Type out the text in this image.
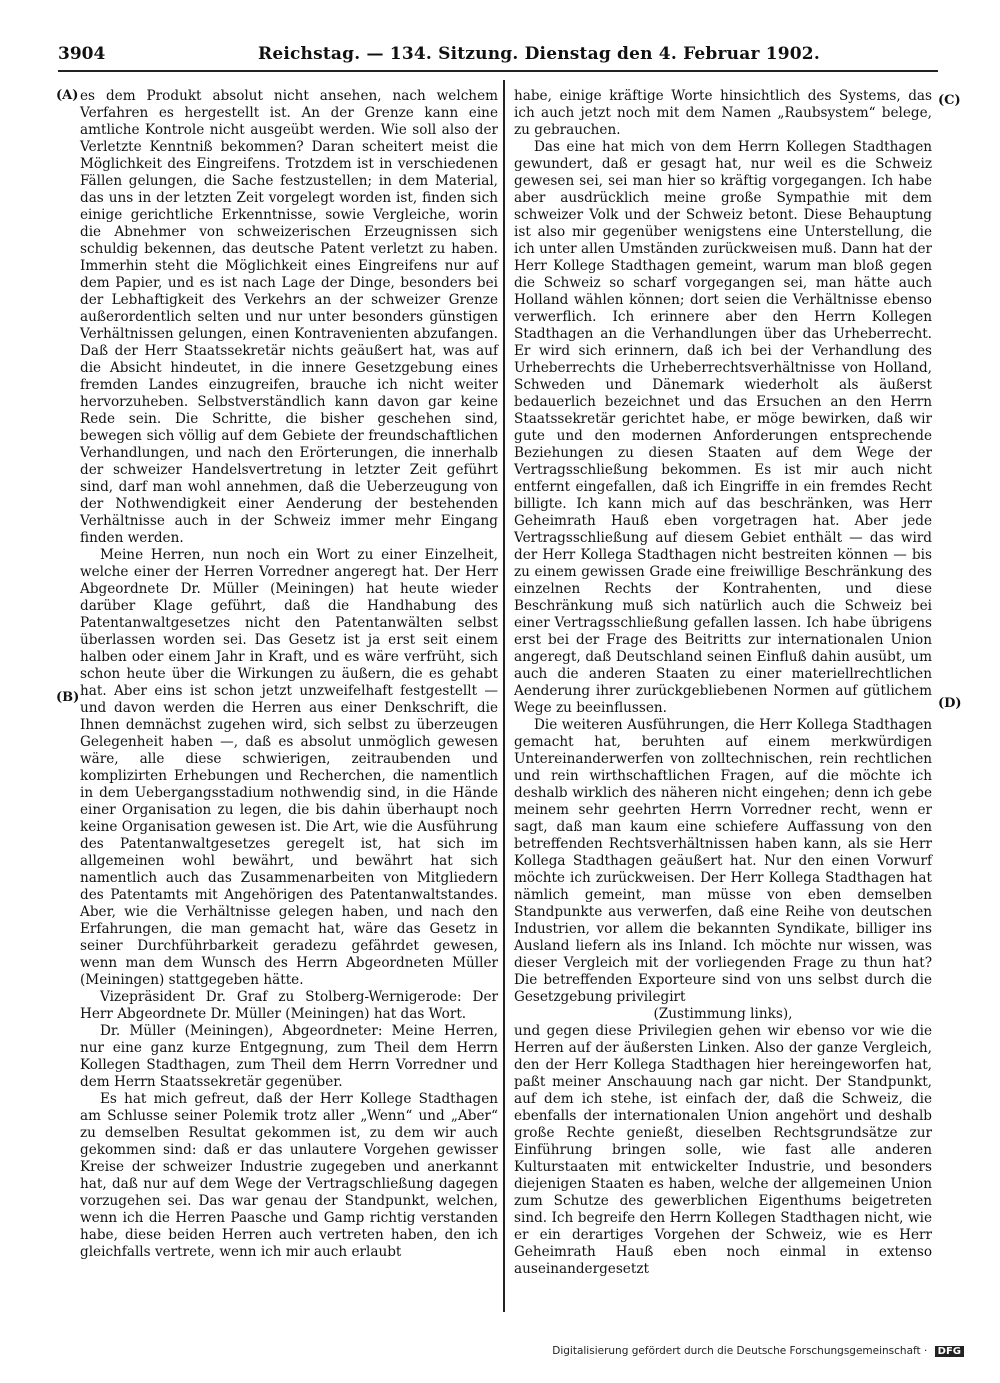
3904	Reichstag. — 134. Sitzung. Dienstag den 4. Februar 1902.
(A)
(B)
(C)
(D)

es dem Produkt absolut nicht ansehen, nach welchem Verfahren es hergestellt ist. An der Grenze kann eine amtliche Kontrole nicht ausgeübt werden. Wie soll also der Verletzte Kenntniß bekommen? Daran scheitert meist die Möglichkeit des Eingreifens. Trotzdem ist in verschiedenen Fällen gelungen, die Sache festzustellen; in dem Material, das uns in der letzten Zeit vorgelegt worden ist, finden sich einige gerichtliche Erkenntnisse, sowie Vergleiche, worin die Abnehmer von schweizerischen Erzeugnissen sich schuldig bekennen, das deutsche Patent verletzt zu haben. Immerhin steht die Möglichkeit eines Eingreifens nur auf dem Papier, und es ist nach Lage der Dinge, besonders bei der Lebhaftigkeit des Verkehrs an der schweizer Grenze außerordentlich selten und nur unter besonders günstigen Verhältnissen gelungen, einen Kontravenienten abzufangen. Daß der Herr Staatssekretär nichts geäußert hat, was auf die Absicht hindeutet, in die innere Gesetzgebung eines fremden Landes einzugreifen, brauche ich nicht weiter hervorzuheben. Selbstverständlich kann davon gar keine Rede sein. Die Schritte, die bisher geschehen sind, bewegen sich völlig auf dem Gebiete der freundschaftlichen Verhandlungen, und nach den Erörterungen, die innerhalb der schweizer Handelsvertretung in letzter Zeit geführt sind, darf man wohl annehmen, daß die Ueberzeugung von der Nothwendigkeit einer Aenderung der bestehenden Verhältnisse auch in der Schweiz immer mehr Eingang finden werden.

Meine Herren, nun noch ein Wort zu einer Einzelheit, welche einer der Herren Vorredner angeregt hat. Der Herr Abgeordnete Dr. Müller (Meiningen) hat heute wieder darüber Klage geführt, daß die Handhabung des Patentanwaltgesetzes nicht den Patentanwälten selbst überlassen worden sei. Das Gesetz ist ja erst seit einem halben oder einem Jahr in Kraft, und es wäre verfrüht, sich schon heute über die Wirkungen zu äußern, die es gehabt hat. Aber eins ist schon jetzt unzweifelhaft festgestellt — und davon werden die Herren aus einer Denkschrift, die Ihnen demnächst zugehen wird, sich selbst zu überzeugen Gelegenheit haben —, daß es absolut unmöglich gewesen wäre, alle diese schwierigen, zeitraubenden und komplizirten Erhebungen und Recherchen, die namentlich in dem Uebergangsstadium nothwendig sind, in die Hände einer Organisation zu legen, die bis dahin überhaupt noch keine Organisation gewesen ist. Die Art, wie die Ausführung des Patentanwaltgesetzes geregelt ist, hat sich im allgemeinen wohl bewährt, und bewährt hat sich namentlich auch das Zusammenarbeiten von Mitgliedern des Patentamts mit Angehörigen des Patentanwaltstandes. Aber, wie die Verhältnisse gelegen haben, und nach den Erfahrungen, die man gemacht hat, wäre das Gesetz in seiner Durchführbarkeit geradezu gefährdet gewesen, wenn man dem Wunsch des Herrn Abgeordneten Müller (Meiningen) stattgegeben hätte.

Vizepräsident Dr. Graf zu Stolberg-Wernigerode: Der Herr Abgeordnete Dr. Müller (Meiningen) hat das Wort.

Dr. Müller (Meiningen), Abgeordneter: Meine Herren, nur eine ganz kurze Entgegnung, zum Theil dem Herrn Kollegen Stadthagen, zum Theil dem Herrn Vorredner und dem Herrn Staatssekretär gegenüber.

Es hat mich gefreut, daß der Herr Kollege Stadthagen am Schlusse seiner Polemik trotz aller „Wenn“ und „Aber“ zu demselben Resultat gekommen ist, zu dem wir auch gekommen sind: daß er das unlautere Vorgehen gewisser Kreise der schweizer Industrie zugegeben und anerkannt hat, daß nur auf dem Wege der Vertragschließung dagegen vorzugehen sei. Das war genau der Standpunkt, welchen, wenn ich die Herren Paasche und Gamp richtig verstanden habe, diese beiden Herren auch vertreten haben, den ich gleichfalls vertrete, wenn ich mir auch erlaubt

habe, einige kräftige Worte hinsichtlich des Systems, das ich auch jetzt noch mit dem Namen „Raubsystem“ belege, zu gebrauchen.

Das eine hat mich von dem Herrn Kollegen Stadthagen gewundert, daß er gesagt hat, nur weil es die Schweiz gewesen sei, sei man hier so kräftig vorgegangen. Ich habe aber ausdrücklich meine große Sympathie mit dem schweizer Volk und der Schweiz betont. Diese Behauptung ist also mir gegenüber wenigstens eine Unterstellung, die ich unter allen Umständen zurückweisen muß. Dann hat der Herr Kollege Stadthagen gemeint, warum man bloß gegen die Schweiz so scharf vorgegangen sei, man hätte auch Holland wählen können; dort seien die Verhältnisse ebenso verwerflich. Ich erinnere aber den Herrn Kollegen Stadthagen an die Verhandlungen über das Urheberrecht. Er wird sich erinnern, daß ich bei der Verhandlung des Urheberrechts die Urheberrechtsverhältnisse von Holland, Schweden und Dänemark wiederholt als äußerst bedauerlich bezeichnet und das Ersuchen an den Herrn Staatssekretär gerichtet habe, er möge bewirken, daß wir gute und den modernen Anforderungen entsprechende Beziehungen zu diesen Staaten auf dem Wege der Vertragsschließung bekommen. Es ist mir auch nicht entfernt eingefallen, daß ich Eingriffe in ein fremdes Recht billigte. Ich kann mich auf das beschränken, was Herr Geheimrath Hauß eben vorgetragen hat. Aber jede Vertragsschließung auf diesem Gebiet enthält — das wird der Herr Kollega Stadthagen nicht bestreiten können — bis zu einem gewissen Grade eine freiwillige Beschränkung des einzelnen Rechts der Kontrahenten, und diese Beschränkung muß sich natürlich auch die Schweiz bei einer Vertragsschließung gefallen lassen. Ich habe übrigens erst bei der Frage des Beitritts zur internationalen Union angeregt, daß Deutschland seinen Einfluß dahin ausübt, um auch die anderen Staaten zu einer materiellrechtlichen Aenderung ihrer zurückgebliebenen Normen auf gütlichem Wege zu beeinflussen.

Die weiteren Ausführungen, die Herr Kollega Stadthagen gemacht hat, beruhten auf einem merkwürdigen Untereinanderwerfen von zolltechnischen, rein rechtlichen und rein wirthschaftlichen Fragen, auf die möchte ich deshalb wirklich des näheren nicht eingehen; denn ich gebe meinem sehr geehrten Herrn Vorredner recht, wenn er sagt, daß man kaum eine schiefere Auffassung von den betreffenden Rechtsverhältnissen haben kann, als sie Herr Kollega Stadthagen geäußert hat. Nur den einen Vorwurf möchte ich zurückweisen. Der Herr Kollega Stadthagen hat nämlich gemeint, man müsse von eben demselben Standpunkte aus verwerfen, daß eine Reihe von deutschen Industrien, vor allem die bekannten Syndikate, billiger ins Ausland liefern als ins Inland. Ich möchte nur wissen, was dieser Vergleich mit der vorliegenden Frage zu thun hat? Die betreffenden Exporteure sind von uns selbst durch die Gesetzgebung privilegirt

(Zustimmung links),

und gegen diese Privilegien gehen wir ebenso vor wie die Herren auf der äußersten Linken. Also der ganze Vergleich, den der Herr Kollega Stadthagen hier hereingeworfen hat, paßt meiner Anschauung nach gar nicht. Der Standpunkt, auf dem ich stehe, ist einfach der, daß die Schweiz, die ebenfalls der internationalen Union angehört und deshalb große Rechte genießt, dieselben Rechtsgrundsätze zur Einführung bringen solle, wie fast alle anderen Kulturstaaten mit entwickelter Industrie, und besonders diejenigen Staaten es haben, welche der allgemeinen Union zum Schutze des gewerblichen Eigenthums beigetreten sind. Ich begreife den Herrn Kollegen Stadthagen nicht, wie er ein derartiges Vorgehen der Schweiz, wie es Herr Geheimrath Hauß eben noch einmal in extenso auseinandergesetzt

Digitalisierung gefördert durch die Deutsche Forschungsgemeinschaft · DFG
